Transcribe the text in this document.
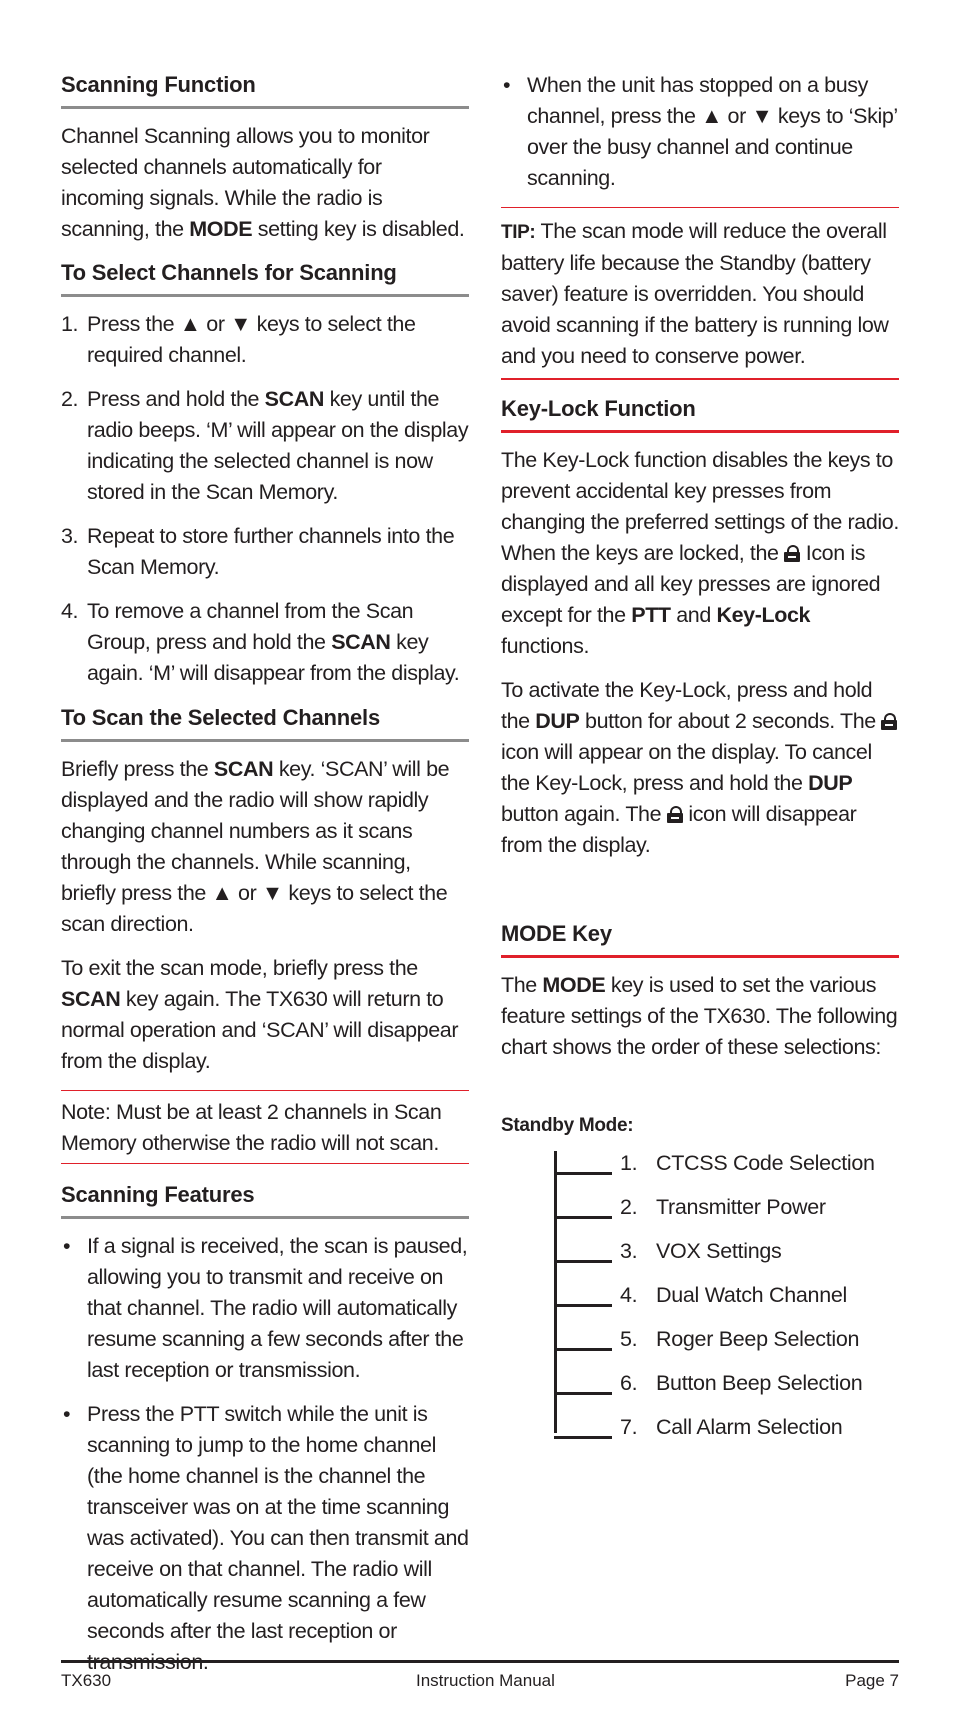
Scanning Function

Channel Scanning allows you to monitor selected channels automatically for incoming signals. While the radio is scanning, the MODE setting key is disabled.

To Select Channels for Scanning
1. Press the ▲ or ▼ keys to select the required channel.
2. Press and hold the SCAN key until the radio beeps. ‘M’ will appear on the display indicating the selected channel is now stored in the Scan Memory.
3. Repeat to store further channels into the Scan Memory.
4. To remove a channel from the Scan Group, press and hold the SCAN key again. ‘M’ will disappear from the display.
To Scan the Selected Channels

Briefly press the SCAN key. ‘SCAN’ will be displayed and the radio will show rapidly changing channel numbers as it scans through the channels. While scanning, briefly press the ▲ or ▼ keys to select the scan direction.

To exit the scan mode, briefly press the SCAN key again. The TX630 will return to normal operation and ‘SCAN’ will disappear from the display.

Note: Must be at least 2 channels in Scan Memory otherwise the radio will not scan.

Scanning Features
• If a signal is received, the scan is paused, allowing you to transmit and receive on that channel. The radio will automatically resume scanning a few seconds after the last reception or transmission.
• Press the PTT switch while the unit is scanning to jump to the home channel (the home channel is the channel the transceiver was on at the time scanning was activated). You can then transmit and receive on that channel. The radio will automatically resume scanning a few seconds after the last reception or transmission.
• When the unit has stopped on a busy channel, press the ▲ or ▼ keys to ‘Skip’ over the busy channel and continue scanning.

TIP: The scan mode will reduce the overall battery life because the Standby (battery saver) feature is overridden. You should avoid scanning if the battery is running low and you need to conserve power.

Key-Lock Function

The Key-Lock function disables the keys to prevent accidental key presses from changing the preferred settings of the radio. When the keys are locked, the
Icon is displayed and all key presses are ignored except for the PTT and Key-Lock functions.

To activate the Key-Lock, press and hold the DUP button for about 2 seconds. The
icon will appear on the display. To cancel the Key-Lock, press and hold the DUP button again. The
icon will disappear from the display.

MODE Key

The MODE key is used to set the various feature settings of the TX630. The following chart shows the order of these selections:

Standby Mode:
1. CTCSS Code Selection
2. Transmitter Power
3. VOX Settings
4. Dual Watch Channel
5. Roger Beep Selection
6. Button Beep Selection
7. Call Alarm Selection
TX630	Instruction Manual	Page 7
